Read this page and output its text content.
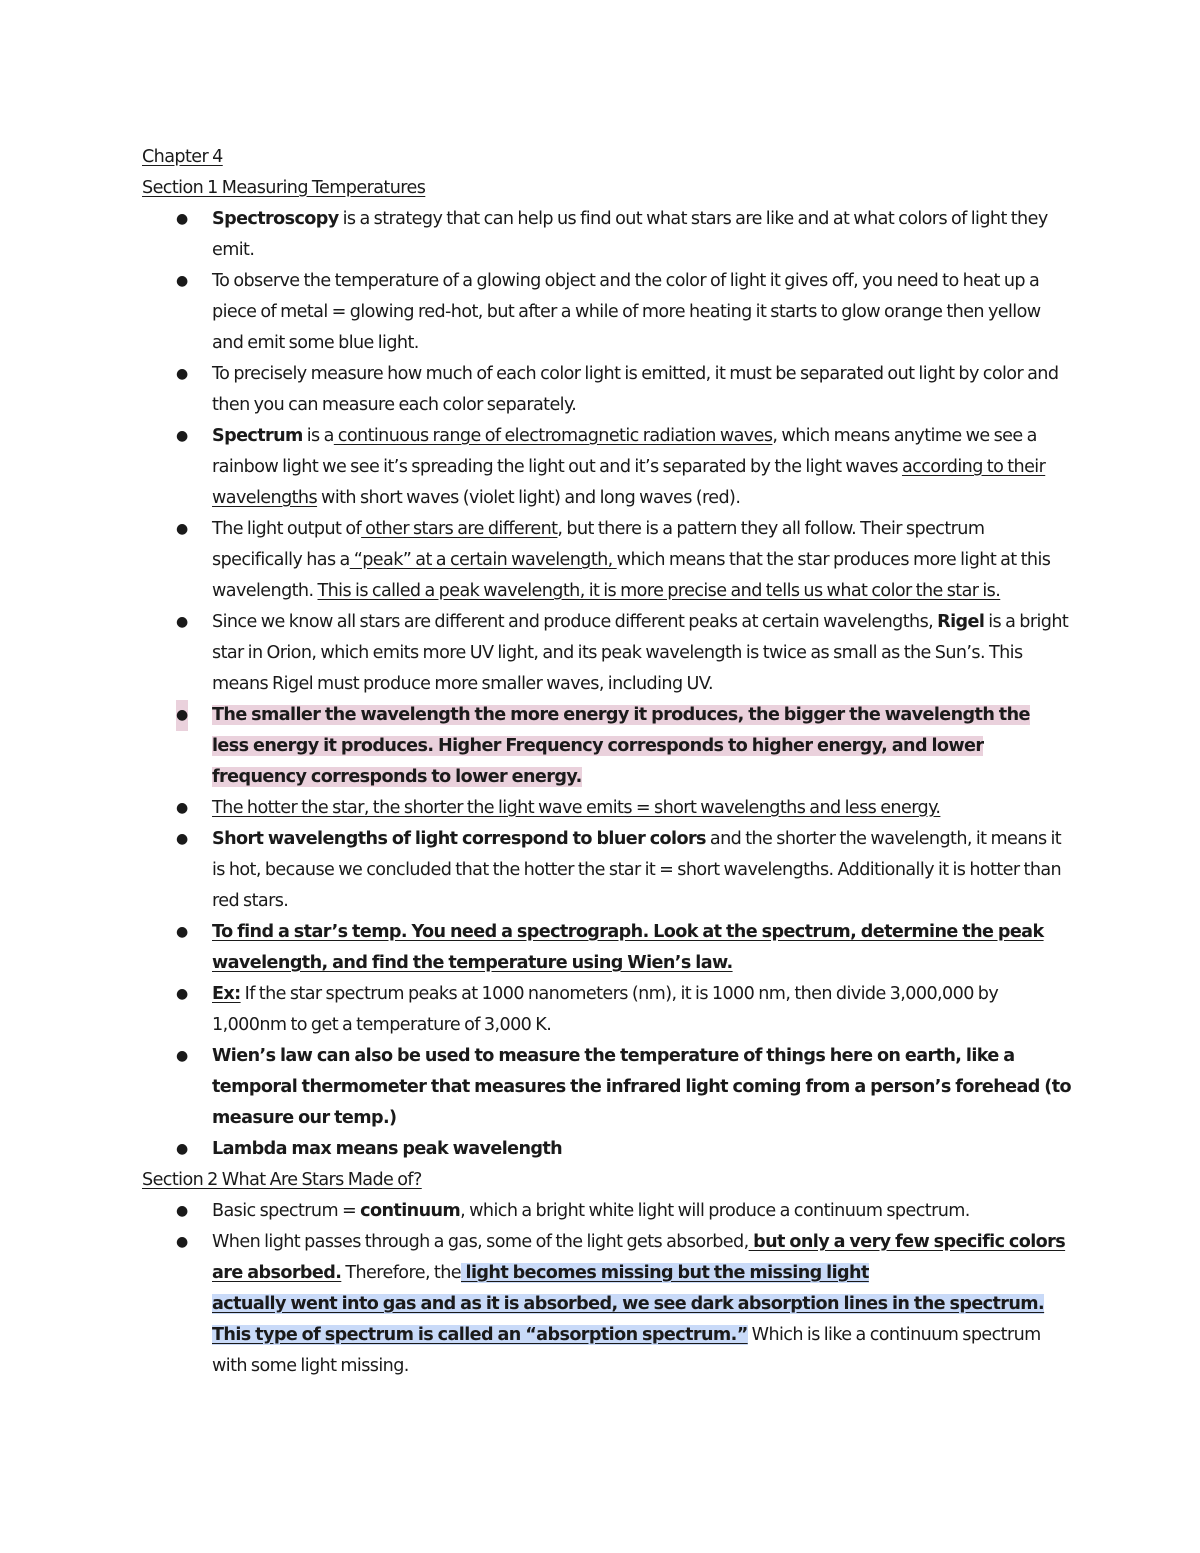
Chapter 4
Section 1 Measuring Temperatures
● Spectroscopy is a strategy that can help us find out what stars are like and at what colors of light they emit.
● To observe the temperature of a glowing object and the color of light it gives off, you need to heat up a piece of metal = glowing red-hot, but after a while of more heating it starts to glow orange then yellow and emit some blue light.
● To precisely measure how much of each color light is emitted, it must be separated out light by color and then you can measure each color separately.
● Spectrum is a continuous range of electromagnetic radiation waves, which means anytime we see a rainbow light we see it’s spreading the light out and it’s separated by the light waves according to their wavelengths with short waves (violet light) and long waves (red).
● The light output of other stars are different, but there is a pattern they all follow. Their spectrum specifically has a “peak” at a certain wavelength, which means that the star produces more light at this wavelength. This is called a peak wavelength, it is more precise and tells us what color the star is.
● Since we know all stars are different and produce different peaks at certain wavelengths, Rigel is a bright star in Orion, which emits more UV light, and its peak wavelength is twice as small as the Sun’s. This means Rigel must produce more smaller waves, including UV.
● The smaller the wavelength the more energy it produces, the bigger the wavelength the
less energy it produces. Higher Frequency corresponds to higher energy, and lower
frequency corresponds to lower energy.
● The hotter the star, the shorter the light wave emits = short wavelengths and less energy.
● Short wavelengths of light correspond to bluer colors and the shorter the wavelength, it means it is hot, because we concluded that the hotter the star it = short wavelengths. Additionally it is hotter than red stars.
● To find a star’s temp. You need a spectrograph. Look at the spectrum, determine the peak wavelength, and find the temperature using Wien’s law.
● Ex: If the star spectrum peaks at 1000 nanometers (nm), it is 1000 nm, then divide 3,000,000 by 1,000nm to get a temperature of 3,000 K.
● Wien’s law can also be used to measure the temperature of things here on earth, like a temporal thermometer that measures the infrared light coming from a person’s forehead (to measure our temp.)
● Lambda max means peak wavelength
Section 2 What Are Stars Made of?
● Basic spectrum = continuum, which a bright white light will produce a continuum spectrum.
● When light passes through a gas, some of the light gets absorbed, but only a very few specific colors are absorbed. Therefore, the light becomes missing but the missing light
actually went into gas and as it is absorbed, we see dark absorption lines in the spectrum.
This type of spectrum is called an “absorption spectrum.” Which is like a continuum spectrum with some light missing.
